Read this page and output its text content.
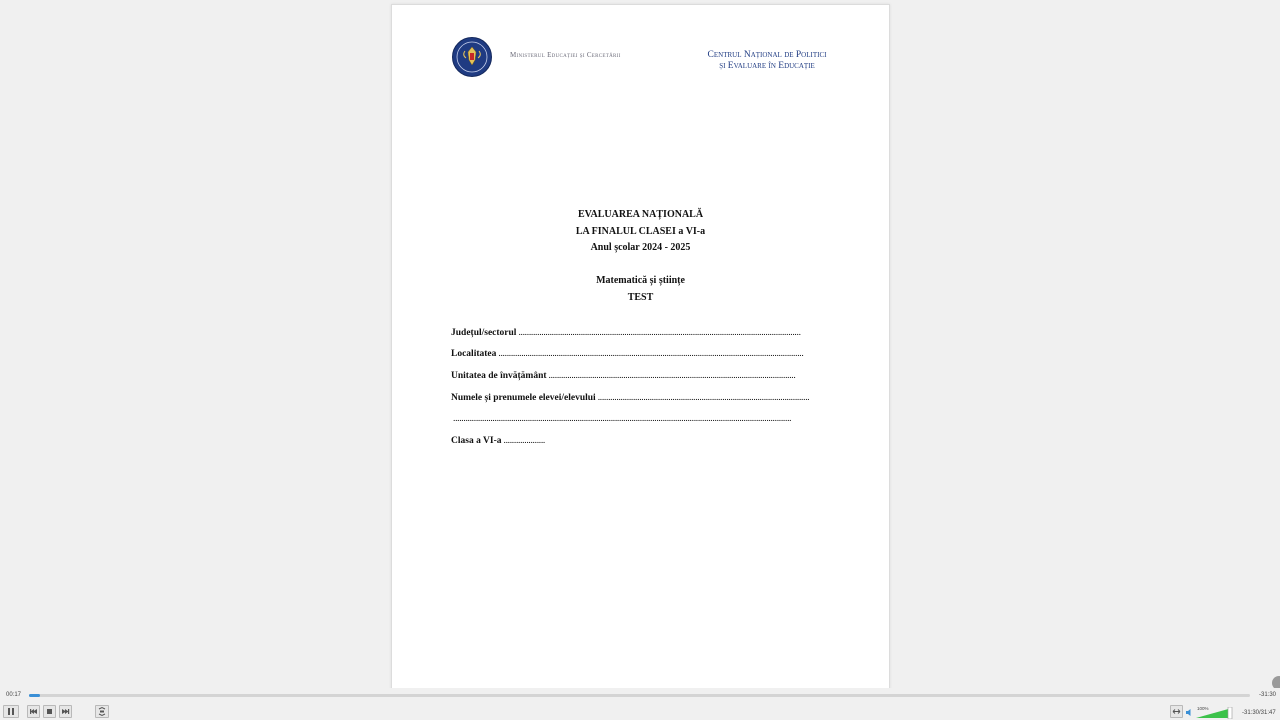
Ministerul Educației și Cercetării	Centrul Național de Politici
și Evaluare în Educație
EVALUAREA NAȚIONALĂ
LA FINALUL CLASEI a VI-a
Anul școlar 2024 - 2025
Matematică și științe
TEST
Județul/sectorul ........................................................................................................................................
Localitatea ...................................................................................................................................................
Unitatea de învățământ .......................................................................................................................
Numele și prenumele elevei/elevului ......................................................................................................
...................................................................................................................................................................
Clasa a VI-a ....................
00:17	-31:30
100%
-31:30/31:47
